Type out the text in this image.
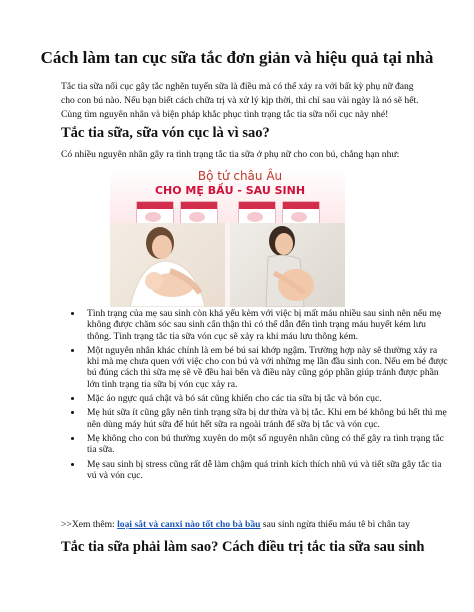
Cách làm tan cục sữa tắc đơn giản và hiệu quả tại nhà

Tắc tia sữa nổi cục gây tắc nghẽn tuyến sữa là điều mà có thể xảy ra với bất kỳ phụ nữ đang cho con bú nào. Nếu bạn biết cách chữa trị và xử lý kịp thời, thì chỉ sau vài ngày là nó sẽ hết. Cùng tìm nguyên nhân và biện pháp khắc phục tình trạng tắc tia sữa nổi cục này nhé!

Tắc tia sữa, sữa vón cục là vì sao?

Có nhiều nguyên nhân gây ra tình trạng tắc tia sữa ở phụ nữ cho con bú, chẳng hạn như:

Bộ tứ châu Âu
CHO MẸ BẦU - SAU SINH
• Tình trạng của mẹ sau sinh còn khá yếu kèm với việc bị mất máu nhiều sau sinh nên nếu mẹ không được chăm sóc sau sinh cẩn thận thì có thể dẫn đến tình trạng máu huyết kém lưu thông. Tình trạng tắc tia sữa vón cục sẽ xảy ra khi máu lưu thông kém.
• Một nguyên nhân khác chính là em bé bú sai khớp ngậm. Trường hợp này sẽ thường xảy ra khi mà mẹ chưa quen với việc cho con bú và với những mẹ lần đầu sinh con. Nếu em bé được bú đúng cách thì sữa mẹ sẽ về đều hai bên và điều này cũng góp phần giúp tránh được phần lớn tình trạng tia sữa bị vón cục xảy ra.
• Mặc áo ngực quá chật và bó sát cũng khiến cho các tia sữa bị tắc và bón cục.
• Mẹ hút sữa ít cũng gây nên tình trạng sữa bị dư thừa và bị tắc. Khi em bé không bú hết thì mẹ nên dùng máy hút sữa để hút hết sữa ra ngoài tránh để sữa bị tắc và vón cục.
• Mẹ không cho con bú thường xuyên do một số nguyên nhân cũng có thể gây ra tình trạng tắc tia sữa.
• Mẹ sau sinh bị stress cũng rất dễ làm chậm quá trình kích thích nhũ vú và tiết sữa gây tắc tia vú và vón cục.

>>Xem thêm: loại sắt và canxi nào tốt cho bà bầu sau sinh ngừa thiếu máu tê bì chân tay

Tắc tia sữa phải làm sao? Cách điều trị tắc tia sữa sau sinh
